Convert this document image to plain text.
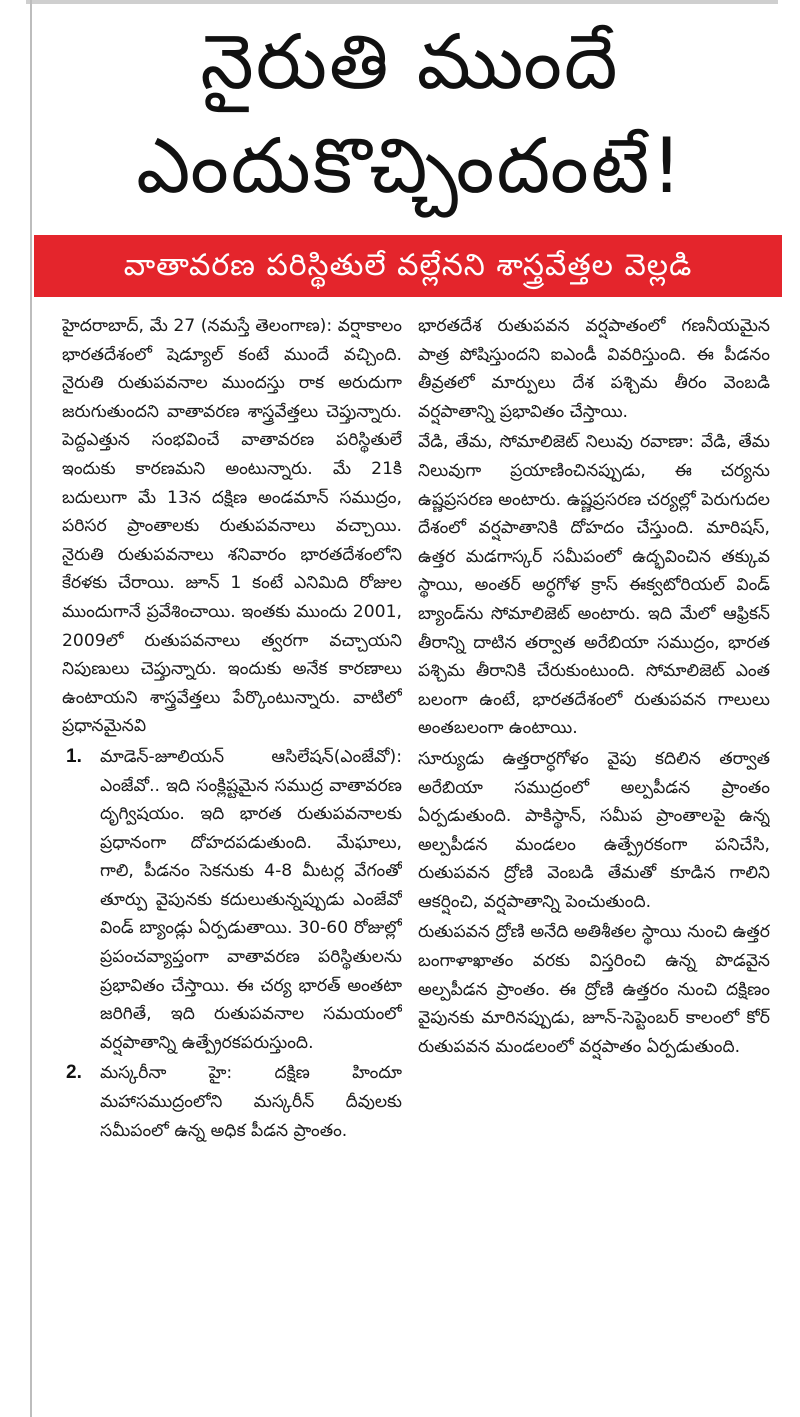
నైరుతి ముందే
ఎందుకొచ్చిందంటే!
వాతావరణ పరిస్థితులే వల్లేనని శాస్త్రవేత్తల వెల్లడి

హైదరాబాద్, మే 27 (నమస్తే తెలంగాణ): వర్షాకాలం భారతదేశంలో షెడ్యూల్ కంటే ముందే వచ్చింది. నైరుతి రుతుపవనాల ముందస్తు రాక అరుదుగా జరుగుతుందని వాతావరణ శాస్త్రవేత్తలు చెప్తున్నారు. పెద్దఎత్తున సంభవించే వాతావరణ పరిస్థితులే ఇందుకు కారణమని అంటున్నారు. మే 21కి బదులుగా మే 13న దక్షిణ అండమాన్ సముద్రం, పరిసర ప్రాంతాలకు రుతుపవనాలు వచ్చాయి. నైరుతి రుతుపవనాలు శనివారం భారతదేశంలోని కేరళకు చేరాయి. జూన్ 1 కంటే ఎనిమిది రోజుల ముందుగానే ప్రవేశించాయి. ఇంతకు ముందు 2001, 2009లో రుతుపవనాలు త్వరగా వచ్చాయని నిపుణులు చెప్తున్నారు. ఇందుకు అనేక కారణాలు ఉంటాయని శాస్త్రవేత్తలు పేర్కొంటున్నారు. వాటిలో ప్రధానమైనవి

1. మాడెన్-జూలియన్ ఆసిలేషన్(ఎంజేవో): ఎంజేవో.. ఇది సంక్లిష్టమైన సముద్ర వాతావరణ దృగ్విషయం. ఇది భారత రుతుపవనాలకు ప్రధానంగా దోహదపడుతుంది. మేఘాలు, గాలి, పీడనం సెకనుకు 4-8 మీటర్ల వేగంతో తూర్పు వైపునకు కదులుతున్నప్పుడు ఎంజేవో విండ్ బ్యాండ్లు ఏర్పడుతాయి. 30-60 రోజుల్లో ప్రపంచవ్యాప్తంగా వాతావరణ పరిస్థితులను ప్రభావితం చేస్తాయి. ఈ చర్య భారత్ అంతటా జరిగితే, ఇది రుతుపవనాల సమయంలో వర్షపాతాన్ని ఉత్ప్రేరకపరుస్తుంది.

2. మస్కరీనా హై: దక్షిణ హిందూ మహాసముద్రంలోని మస్కరీన్ దీవులకు సమీపంలో ఉన్న అధిక పీడన ప్రాంతం.

భారతదేశ రుతుపవన వర్షపాతంలో గణనీయమైన పాత్ర పోషిస్తుందని ఐఎండీ వివరిస్తుంది. ఈ పీడనం తీవ్రతలో మార్పులు దేశ పశ్చిమ తీరం వెంబడి వర్షపాతాన్ని ప్రభావితం చేస్తాయి.

వేడి, తేమ, సోమాలిజెట్ నిలువు రవాణా: వేడి, తేమ నిలువుగా ప్రయాణించినప్పుడు, ఈ చర్యను ఉష్ణప్రసరణ అంటారు. ఉష్ణప్రసరణ చర్యల్లో పెరుగుదల దేశంలో వర్షపాతానికి దోహదం చేస్తుంది. మారిషస్, ఉత్తర మడగాస్కర్ సమీపంలో ఉద్భవించిన తక్కువ స్థాయి, అంతర్ అర్ధగోళ క్రాస్ ఈక్వటోరియల్ విండ్ బ్యాండ్‌ను సోమాలిజెట్ అంటారు. ఇది మేలో ఆఫ్రికన్ తీరాన్ని దాటిన తర్వాత అరేబియా సముద్రం, భారత పశ్చిమ తీరానికి చేరుకుంటుంది. సోమాలిజెట్ ఎంత బలంగా ఉంటే, భారతదేశంలో రుతుపవన గాలులు అంతబలంగా ఉంటాయి.

సూర్యుడు ఉత్తరార్ధగోళం వైపు కదిలిన తర్వాత అరేబియా సముద్రంలో అల్పపీడన ప్రాంతం ఏర్పడుతుంది. పాకిస్థాన్, సమీప ప్రాంతాలపై ఉన్న అల్పపీడన మండలం ఉత్ప్రేరకంగా పనిచేసి, రుతుపవన ద్రోణి వెంబడి తేమతో కూడిన గాలిని ఆకర్షించి, వర్షపాతాన్ని పెంచుతుంది.

రుతుపవన ద్రోణి అనేది అతిశీతల స్థాయి నుంచి ఉత్తర బంగాళాఖాతం వరకు విస్తరించి ఉన్న పొడవైన అల్పపీడన ప్రాంతం. ఈ ద్రోణి ఉత్తరం నుంచి దక్షిణం వైపునకు మారినప్పుడు, జూన్-సెప్టెంబర్ కాలంలో కోర్ రుతుపవన మండలంలో వర్షపాతం ఏర్పడుతుంది.
